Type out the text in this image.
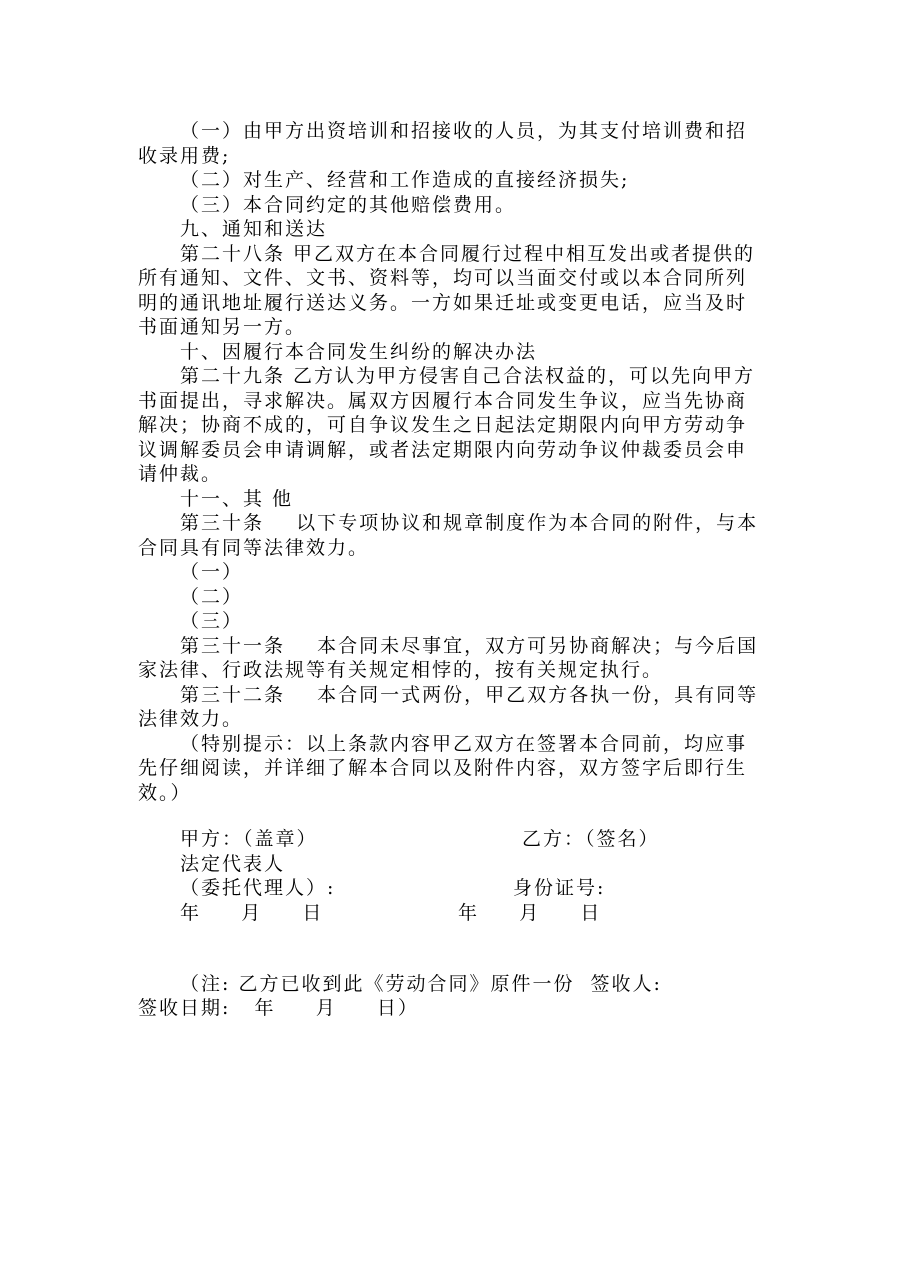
（一）由甲方出资培训和招接收的人员，为其支付培训费和招
收录用费;
（二）对生产、经营和工作造成的直接经济损失;
（三）本合同约定的其他赔偿费用。
九、通知和送达
第二十八条 甲乙双方在本合同履行过程中相互发出或者提供的
所有通知、文件、文书、资料等，均可以当面交付或以本合同所列
明的通讯地址履行送达义务。一方如果迁址或变更电话，应当及时
书面通知另一方。
十、因履行本合同发生纠纷的解决办法
第二十九条 乙方认为甲方侵害自己合法权益的，可以先向甲方
书面提出，寻求解决。属双方因履行本合同发生争议，应当先协商
解决；协商不成的，可自争议发生之日起法定期限内向甲方劳动争
议调解委员会申请调解，或者法定期限内向劳动争议仲裁委员会申
请仲裁。
十一、其 他
第三十条    以下专项协议和规章制度作为本合同的附件，与本
合同具有同等法律效力。
（一）
（二）
（三）
第三十一条    本合同未尽事宜，双方可另协商解决；与今后国
家法律、行政法规等有关规定相悖的，按有关规定执行。
第三十二条    本合同一式两份，甲乙双方各执一份，具有同等
法律效力。
（特别提示：以上条款内容甲乙双方在签署本合同前，均应事
先仔细阅读，并详细了解本合同以及附件内容，双方签字后即行生
效。）
甲方：（盖章）	乙方：（签名）
法定代表人
（委托代理人）:	身份证号:
年     月     日	年     月     日
（注: 乙方已收到此《劳动合同》原件一份  签收人:
签收日期:   年     月     日）
